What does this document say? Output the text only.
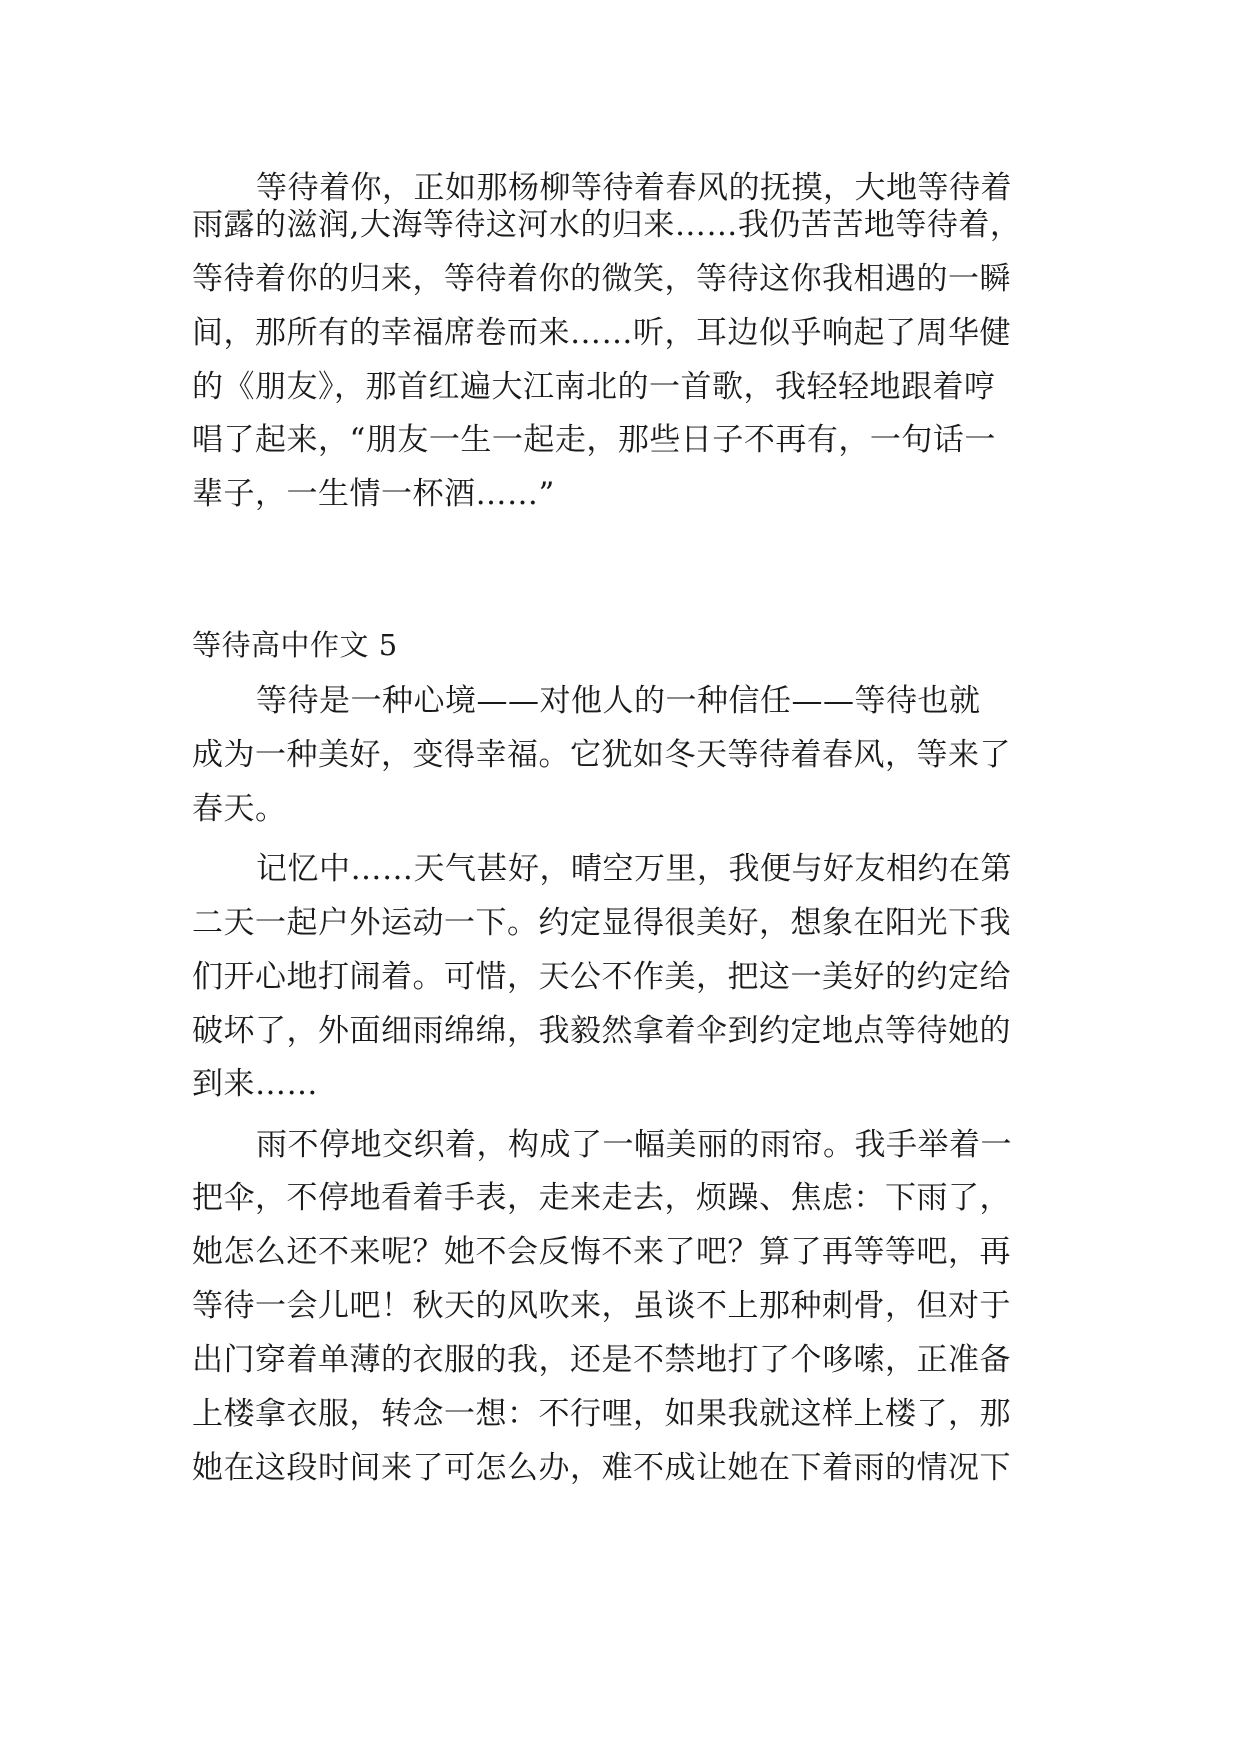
等待着你，正如那杨柳等待着春风的抚摸，大地等待着
雨露的滋润,大海等待这河水的归来……我仍苦苦地等待着，
等待着你的归来，等待着你的微笑，等待这你我相遇的一瞬
间，那所有的幸福席卷而来……听，耳边似乎响起了周华健
的《朋友》，那首红遍大江南北的一首歌，我轻轻地跟着哼
唱了起来，“朋友一生一起走，那些日子不再有，一句话一
辈子，一生情一杯酒……”
等待高中作文 5
等待是一种心境——对他人的一种信任——等待也就
成为一种美好，变得幸福。它犹如冬天等待着春风，等来了
春天。
记忆中……天气甚好，晴空万里，我便与好友相约在第
二天一起户外运动一下。约定显得很美好，想象在阳光下我
们开心地打闹着。可惜，天公不作美，把这一美好的约定给
破坏了，外面细雨绵绵，我毅然拿着伞到约定地点等待她的
到来……
雨不停地交织着，构成了一幅美丽的雨帘。我手举着一
把伞，不停地看着手表，走来走去，烦躁、焦虑：下雨了，
她怎么还不来呢？她不会反悔不来了吧？算了再等等吧，再
等待一会儿吧！秋天的风吹来，虽谈不上那种刺骨，但对于
出门穿着单薄的衣服的我，还是不禁地打了个哆嗦，正准备
上楼拿衣服，转念一想：不行哩，如果我就这样上楼了，那
她在这段时间来了可怎么办，难不成让她在下着雨的情况下
